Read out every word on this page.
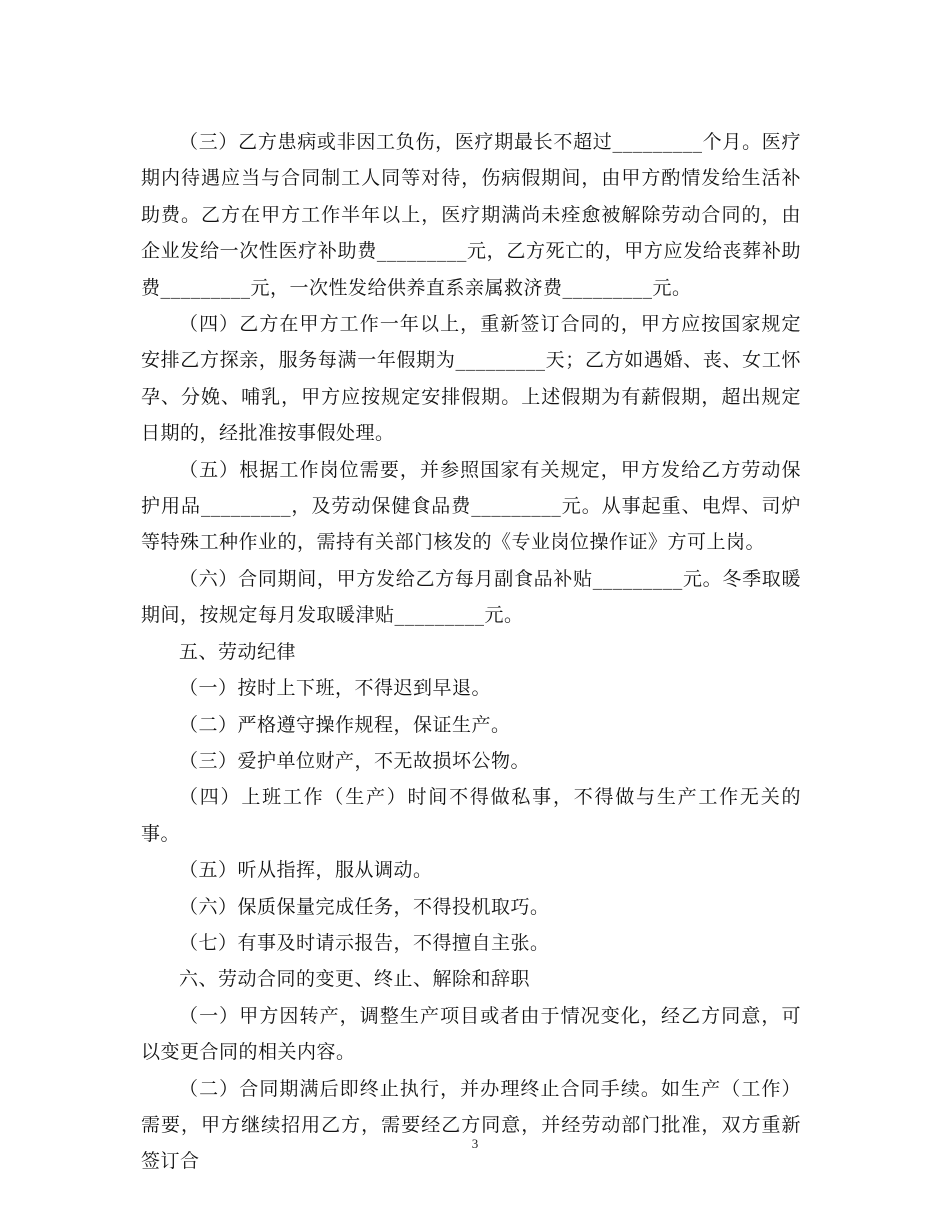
（三）乙方患病或非因工负伤，医疗期最长不超过_________个月。医疗期内待遇应当与合同制工人同等对待，伤病假期间，由甲方酌情发给生活补助费。乙方在甲方工作半年以上，医疗期满尚未痊愈被解除劳动合同的，由企业发给一次性医疗补助费_________元，乙方死亡的，甲方应发给丧葬补助费_________元，一次性发给供养直系亲属救济费_________元。

（四）乙方在甲方工作一年以上，重新签订合同的，甲方应按国家规定安排乙方探亲，服务每满一年假期为_________天；乙方如遇婚、丧、女工怀孕、分娩、哺乳，甲方应按规定安排假期。上述假期为有薪假期，超出规定日期的，经批准按事假处理。

（五）根据工作岗位需要，并参照国家有关规定，甲方发给乙方劳动保护用品_________，及劳动保健食品费_________元。从事起重、电焊、司炉等特殊工种作业的，需持有关部门核发的《专业岗位操作证》方可上岗。

（六）合同期间，甲方发给乙方每月副食品补贴_________元。冬季取暖期间，按规定每月发取暖津贴_________元。

五、劳动纪律

（一）按时上下班，不得迟到早退。

（二）严格遵守操作规程，保证生产。

（三）爱护单位财产，不无故损坏公物。

（四）上班工作（生产）时间不得做私事，不得做与生产工作无关的事。

（五）听从指挥，服从调动。

（六）保质保量完成任务，不得投机取巧。

（七）有事及时请示报告，不得擅自主张。

六、劳动合同的变更、终止、解除和辞职

（一）甲方因转产，调整生产项目或者由于情况变化，经乙方同意，可以变更合同的相关内容。

（二）合同期满后即终止执行，并办理终止合同手续。如生产（工作）需要，甲方继续招用乙方，需要经乙方同意，并经劳动部门批准，双方重新签订合

3
